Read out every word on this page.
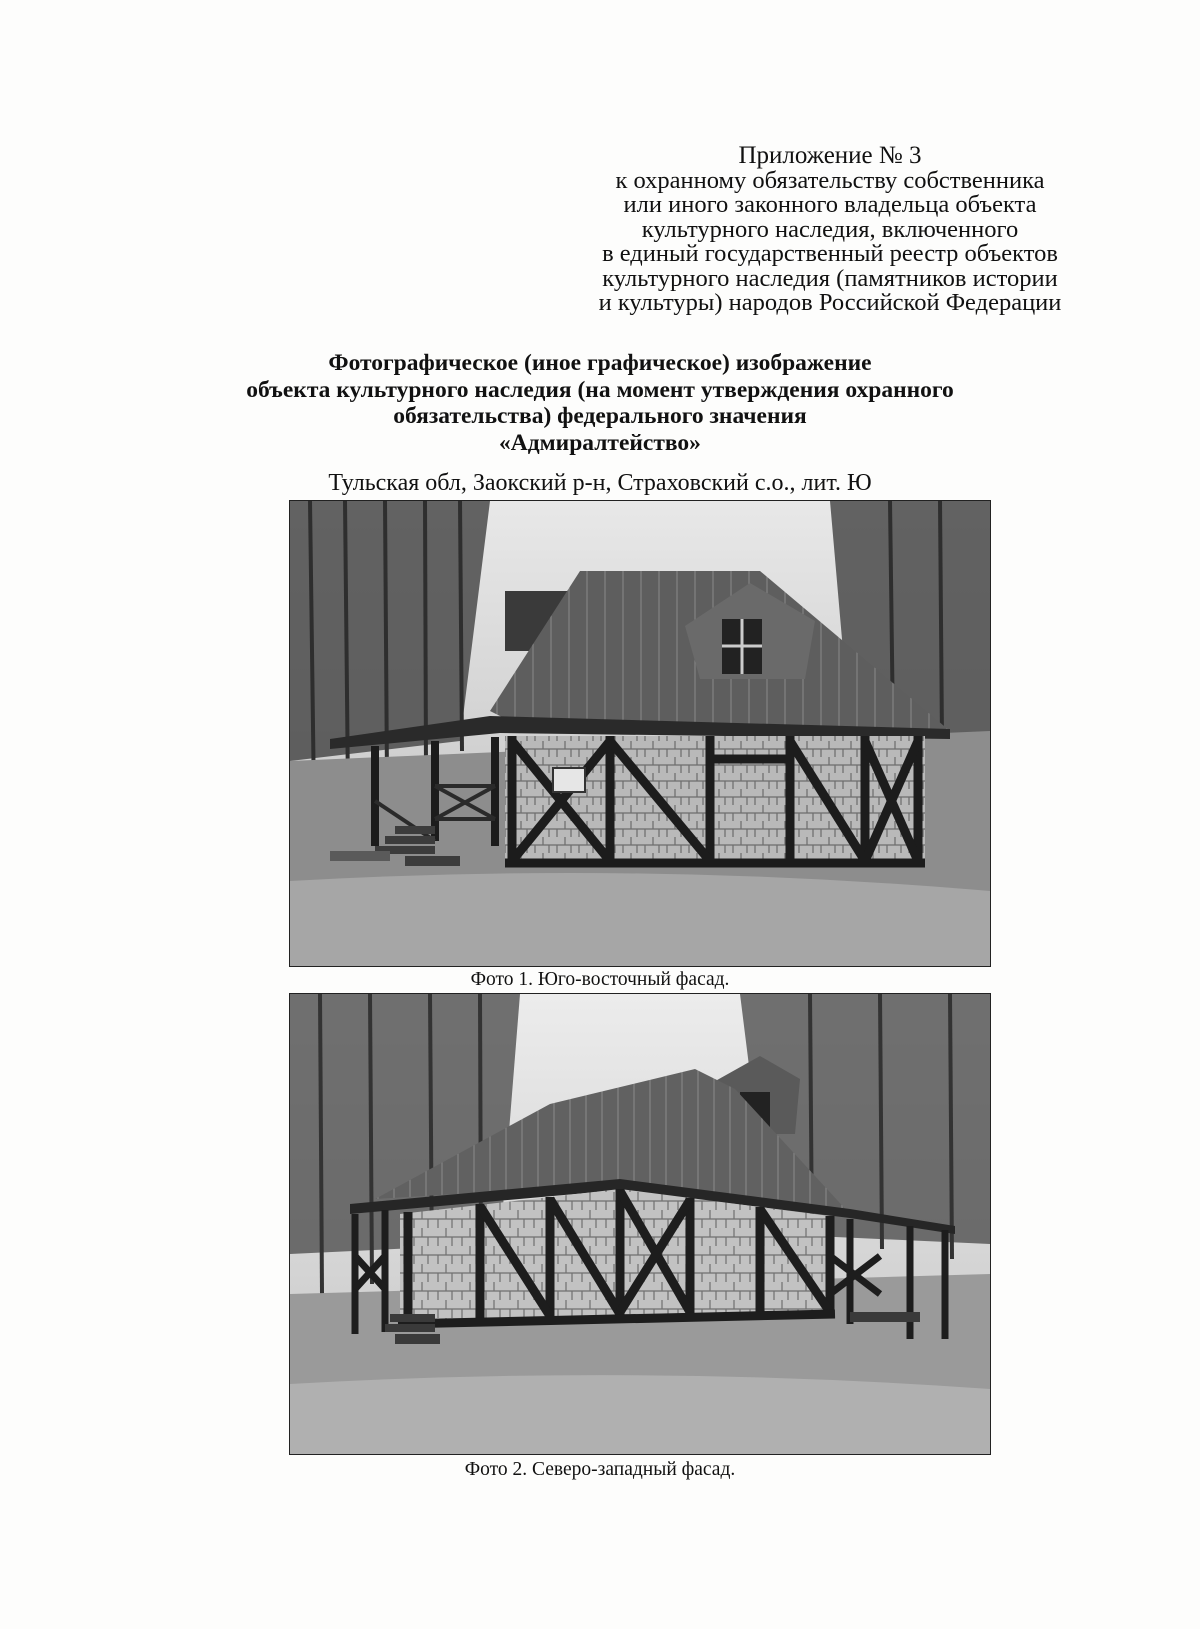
Приложение № 3
к охранному обязательству собственника
или иного законного владельца объекта
культурного наследия, включенного
в единый государственный реестр объектов
культурного наследия (памятников истории
и культуры) народов Российской Федерации
Фотографическое (иное графическое) изображение
объекта культурного наследия (на момент утверждения охранного
обязательства) федерального значения
«Адмиралтейство»
Тульская обл, Заокский р-н, Страховский с.о., лит. Ю
Фото 1. Юго-восточный фасад.
Фото 2. Северо-западный фасад.
